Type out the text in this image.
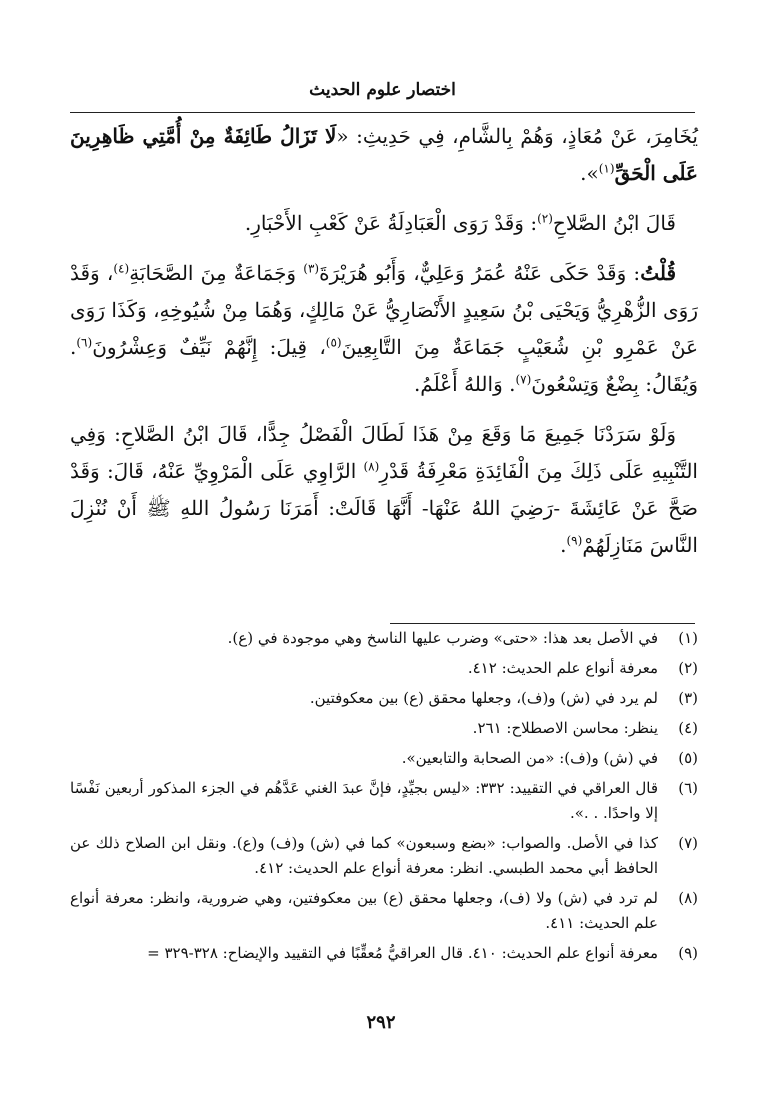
اختصار علوم الحديث

يُخَامِرَ، عَنْ مُعَاذٍ، وَهُمْ بِالشَّامِ، فِي حَدِيثِ: «لَا تَزَالُ طَائِفَةٌ مِنْ أُمَّتِي ظَاهِرِينَ عَلَى الْحَقِّ$^{(١)}$».

قَالَ ابْنُ الصَّلاحِ$^{(٢)}$: وَقَدْ رَوَى الْعَبَادِلَةُ عَنْ كَعْبِ الأَحْبَارِ.

قُلْتُ: وَقَدْ حَكَى عَنْهُ عُمَرُ وَعَلِيٌّ، وَأَبُو هُرَيْرَةَ$^{(٣)}$ وَجَمَاعَةٌ مِنَ الصَّحَابَةِ$^{(٤)}$، وَقَدْ رَوَى الزُّهْرِيُّ وَيَحْيَى بْنُ سَعِيدٍ الأَنْصَارِيُّ عَنْ مَالِكٍ، وَهُمَا مِنْ شُيُوخِهِ، وَكَذَا رَوَى عَنْ عَمْرِو بْنِ شُعَيْبٍ جَمَاعَةٌ مِنَ التَّابِعِينَ$^{(٥)}$، قِيلَ: إِنَّهُمْ نَيِّفٌ وَعِشْرُونَ$^{(٦)}$. وَيُقَالُ: بِضْعٌ وَتِسْعُونَ$^{(٧)}$. وَاللهُ أَعْلَمُ.

وَلَوْ سَرَدْنَا جَمِيعَ مَا وَقَعَ مِنْ هَذَا لَطَالَ الْفَصْلُ جِدًّا، قَالَ ابْنُ الصَّلاحِ: وَفِي التَّنْبِيهِ عَلَى ذَلِكَ مِنَ الْفَائِدَةِ مَعْرِفَةُ قَدْرِ$^{(٨)}$ الرَّاوِي عَلَى الْمَرْوِيِّ عَنْهُ، قَالَ: وَقَدْ صَحَّ عَنْ عَائِشَةَ -رَضِيَ اللهُ عَنْهَا- أَنَّهَا قَالَتْ: أَمَرَنَا رَسُولُ اللهِ ﷺ أَنْ نُنْزِلَ النَّاسَ مَنَازِلَهُمْ$^{(٩)}$.

(١)
في الأصل بعد هذا: «حتى» وضرب عليها الناسخ وهي موجودة في (ع).
(٢)
معرفة أنواع علم الحديث: ٤١٢.
(٣)
لم يرد في (ش) و(ف)، وجعلها محقق (ع) بين معكوفتين.
(٤)
ينظر: محاسن الاصطلاح: ٢٦١.
(٥)
في (ش) و(ف): «من الصحابة والتابعين».
(٦)
قال العراقي في التقييد: ٣٣٢: «ليس بجيِّدٍ، فإنَّ عبدَ الغني عَدَّهُم في الجزء المذكور أربعين نَفْسًا إلا واحدًا. . .».
(٧)
كذا في الأصل. والصواب: «بضع وسبعون» كما في (ش) و(ف) و(ع). ونقل ابن الصلاح ذلك عن الحافظ أبي محمد الطبسي. انظر: معرفة أنواع علم الحديث: ٤١٢.
(٨)
لم ترد في (ش) ولا (ف)، وجعلها محقق (ع) بين معكوفتين، وهي ضرورية، وانظر: معرفة أنواع علم الحديث: ٤١١.
(٩)
معرفة أنواع علم الحديث: ٤١٠. قال العراقيُّ مُعقِّبًا في التقييد والإيضاح: ٣٢٨-٣٢٩ =
٢٩٢
